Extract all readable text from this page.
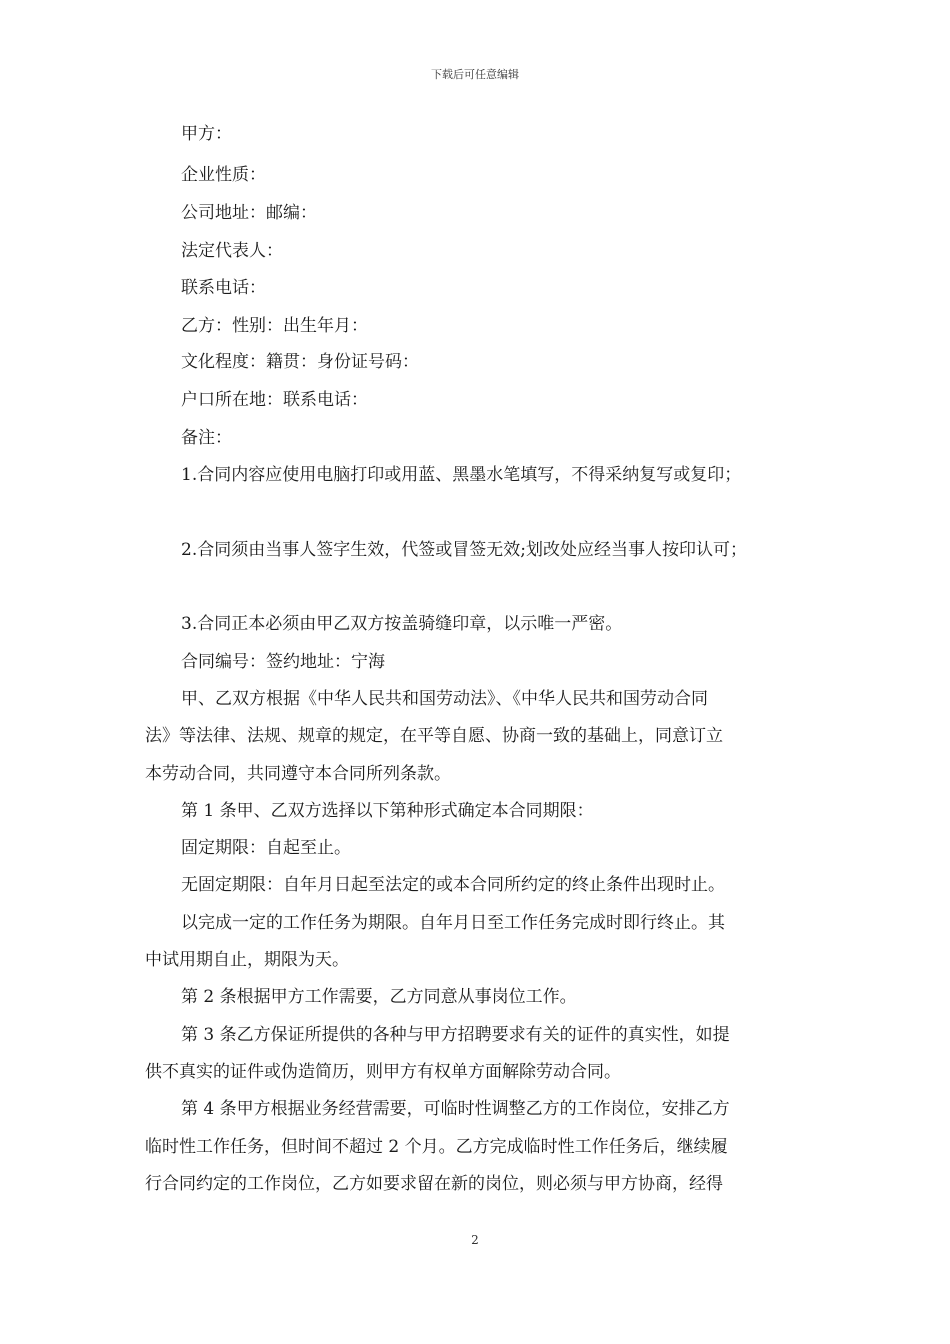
下载后可任意编辑
甲方：
企业性质：
公司地址：邮编：
法定代表人：
联系电话：
乙方：性别：出生年月：
文化程度：籍贯：身份证号码：
户口所在地：联系电话：
备注：
1.合同内容应使用电脑打印或用蓝、黑墨水笔填写，不得采纳复写或复印；
2.合同须由当事人签字生效，代签或冒签无效;划改处应经当事人按印认可；
3.合同正本必须由甲乙双方按盖骑缝印章，以示唯一严密。
合同编号：签约地址：宁海
甲、乙双方根据《中华人民共和国劳动法》、《中华人民共和国劳动合同
法》等法律、法规、规章的规定，在平等自愿、协商一致的基础上，同意订立
本劳动合同，共同遵守本合同所列条款。
第 1 条甲、乙双方选择以下第种形式确定本合同期限：
固定期限：自起至止。
无固定期限：自年月日起至法定的或本合同所约定的终止条件出现时止。
以完成一定的工作任务为期限。自年月日至工作任务完成时即行终止。其
中试用期自止，期限为天。
第 2 条根据甲方工作需要，乙方同意从事岗位工作。
第 3 条乙方保证所提供的各种与甲方招聘要求有关的证件的真实性，如提
供不真实的证件或伪造简历，则甲方有权单方面解除劳动合同。
第 4 条甲方根据业务经营需要，可临时性调整乙方的工作岗位，安排乙方
临时性工作任务，但时间不超过 2 个月。乙方完成临时性工作任务后，继续履
行合同约定的工作岗位，乙方如要求留在新的岗位，则必须与甲方协商，经得
2
